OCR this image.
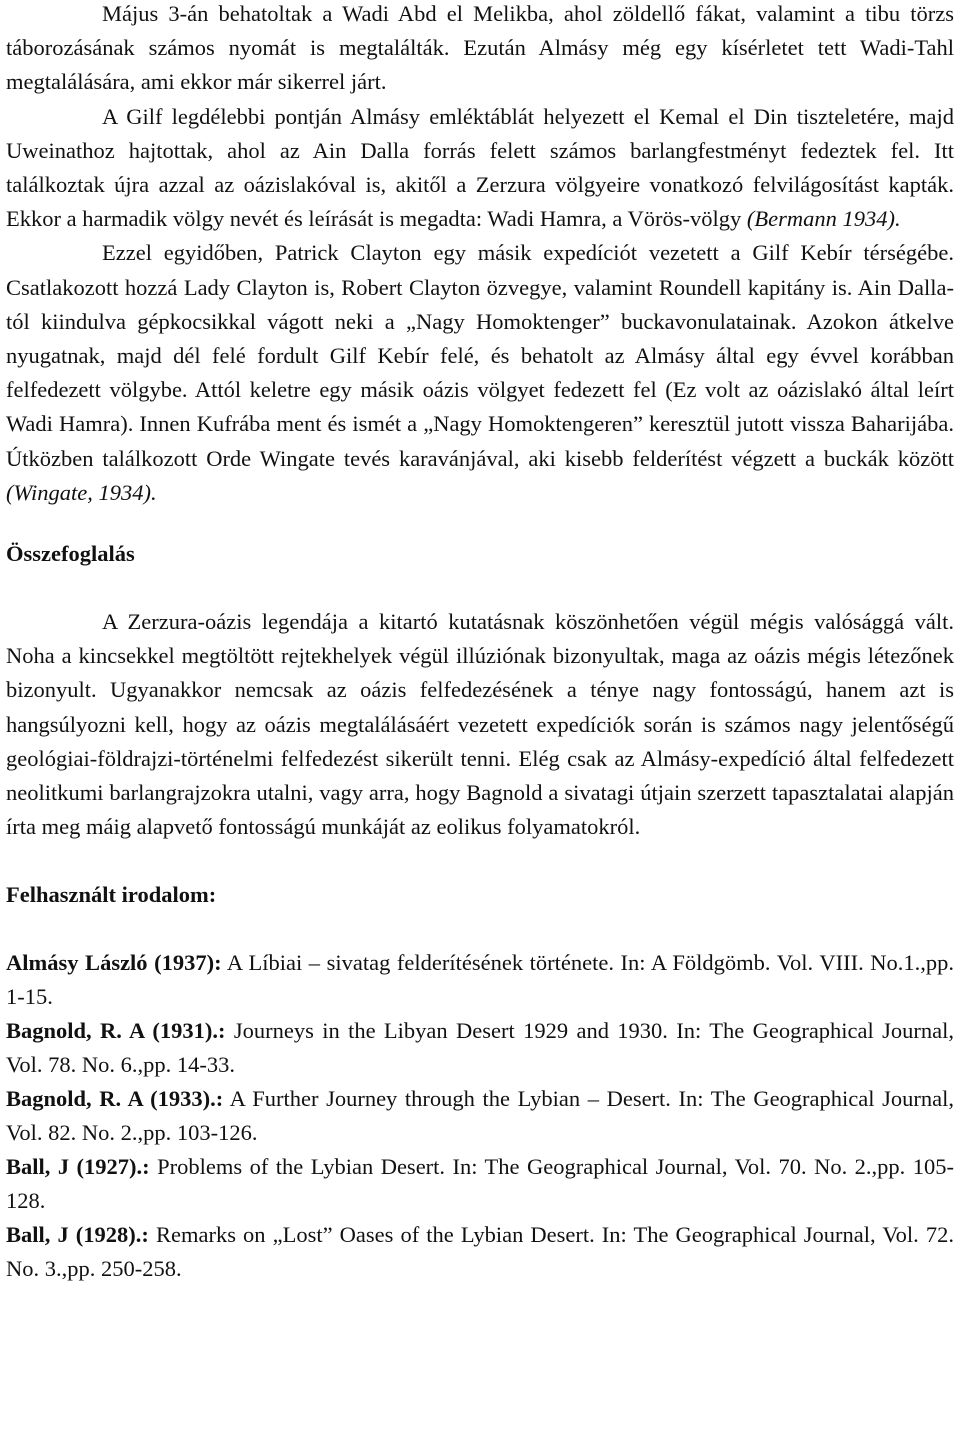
Május 3-án behatoltak a Wadi Abd el Melikba, ahol zöldellő fákat, valamint a tibu törzs táborozásának számos nyomát is megtalálták. Ezután Almásy még egy kísérletet tett Wadi-Tahl megtalálására, ami ekkor már sikerrel járt.

A Gilf legdélebbi pontján Almásy emléktáblát helyezett el Kemal el Din tiszteletére, majd Uweinathoz hajtottak, ahol az Ain Dalla forrás felett számos barlangfestményt fedeztek fel. Itt találkoztak újra azzal az oázislakóval is, akitől a Zerzura völgyeire vonatkozó felvilágosítást kapták. Ekkor a harmadik völgy nevét és leírását is megadta: Wadi Hamra, a Vörös-völgy (Bermann 1934).

Ezzel egyidőben, Patrick Clayton egy másik expedíciót vezetett a Gilf Kebír térségébe. Csatlakozott hozzá Lady Clayton is, Robert Clayton özvegye, valamint Roundell kapitány is. Ain Dalla-tól kiindulva gépkocsikkal vágott neki a „Nagy Homoktenger” buckavonulatainak. Azokon átkelve nyugatnak, majd dél felé fordult Gilf Kebír felé, és behatolt az Almásy által egy évvel korábban felfedezett völgybe. Attól keletre egy másik oázis völgyet fedezett fel (Ez volt az oázislakó által leírt Wadi Hamra). Innen Kufrába ment és ismét a „Nagy Homoktengeren” keresztül jutott vissza Baharijába. Útközben találkozott Orde Wingate tevés karavánjával, aki kisebb felderítést végzett a buckák között (Wingate, 1934).

Összefoglalás

A Zerzura-oázis legendája a kitartó kutatásnak köszönhetően végül mégis valósággá vált. Noha a kincsekkel megtöltött rejtekhelyek végül illúziónak bizonyultak, maga az oázis mégis létezőnek bizonyult. Ugyanakkor nemcsak az oázis felfedezésének a ténye nagy fontosságú, hanem azt is hangsúlyozni kell, hogy az oázis megtalálásáért vezetett expedíciók során is számos nagy jelentőségű geológiai-földrajzi-történelmi felfedezést sikerült tenni. Elég csak az Almásy-expedíció által felfedezett neolitkumi barlangrajzokra utalni, vagy arra, hogy Bagnold a sivatagi útjain szerzett tapasztalatai alapján írta meg máig alapvető fontosságú munkáját az eolikus folyamatokról.

Felhasznált irodalom:

Almásy László (1937): A Líbiai – sivatag felderítésének története. In: A Földgömb. Vol. VIII. No.1.,pp. 1-15.

Bagnold, R. A (1931).: Journeys in the Libyan Desert 1929 and 1930. In: The Geographical Journal, Vol. 78. No. 6.,pp. 14-33.

Bagnold, R. A (1933).: A Further Journey through the Lybian – Desert. In: The Geographical Journal, Vol. 82. No. 2.,pp. 103-126.

Ball, J (1927).: Problems of the Lybian Desert. In: The Geographical Journal, Vol. 70. No. 2.,pp. 105-128.

Ball, J (1928).: Remarks on „Lost” Oases of the Lybian Desert. In: The Geographical Journal, Vol. 72. No. 3.,pp. 250-258.
